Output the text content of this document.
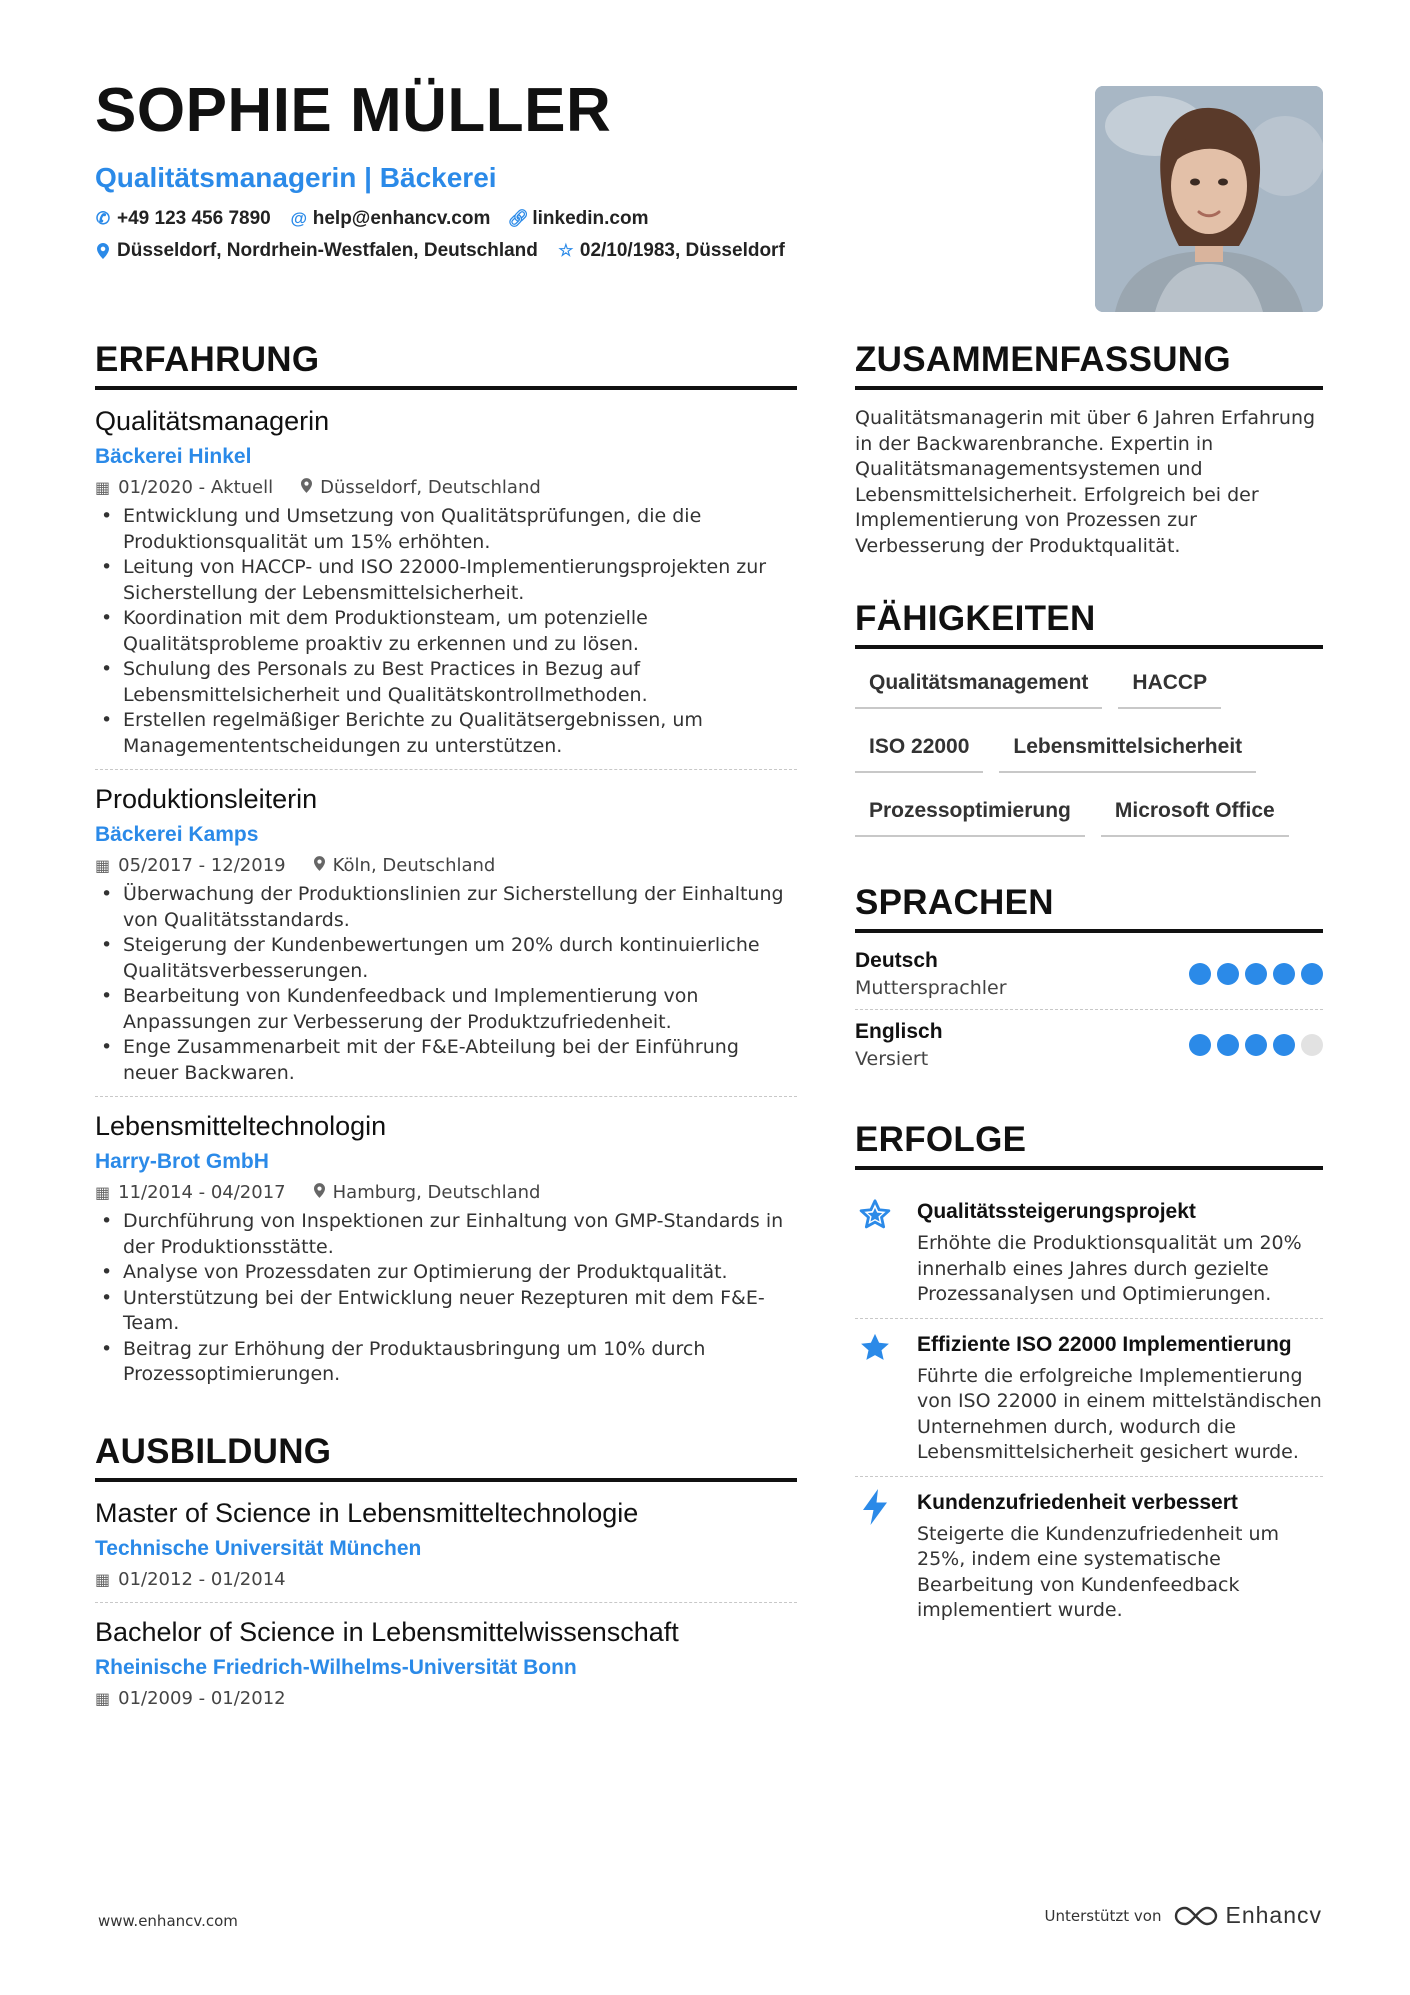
SOPHIE MÜLLER
Qualitätsmanagerin | Bäckerei
✆ +49 123 456 7890 @ help@enhancv.com 🔗︎ linkedin.com
Düsseldorf, Nordrhein-Westfalen, Deutschland ☆ 02/10/1983, Düsseldorf
ERFAHRUNG
Qualitätsmanagerin
Bäckerei Hinkel
▦ 01/2020 - Aktuell	Düsseldorf, Deutschland
• Entwicklung und Umsetzung von Qualitätsprüfungen, die die Produktionsqualität um 15% erhöhten.
• Leitung von HACCP- und ISO 22000-Implementierungsprojekten zur Sicherstellung der Lebensmittelsicherheit.
• Koordination mit dem Produktionsteam, um potenzielle Qualitätsprobleme proaktiv zu erkennen und zu lösen.
• Schulung des Personals zu Best Practices in Bezug auf Lebensmittelsicherheit und Qualitätskontrollmethoden.
• Erstellen regelmäßiger Berichte zu Qualitätsergebnissen, um Managemententscheidungen zu unterstützen.
Produktionsleiterin
Bäckerei Kamps
▦ 05/2017 - 12/2019	Köln, Deutschland
• Überwachung der Produktionslinien zur Sicherstellung der Einhaltung von Qualitätsstandards.
• Steigerung der Kundenbewertungen um 20% durch kontinuierliche Qualitätsverbesserungen.
• Bearbeitung von Kundenfeedback und Implementierung von Anpassungen zur Verbesserung der Produktzufriedenheit.
• Enge Zusammenarbeit mit der F&E-Abteilung bei der Einführung neuer Backwaren.
Lebensmitteltechnologin
Harry-Brot GmbH
▦ 11/2014 - 04/2017	Hamburg, Deutschland
• Durchführung von Inspektionen zur Einhaltung von GMP-Standards in der Produktionsstätte.
• Analyse von Prozessdaten zur Optimierung der Produktqualität.
• Unterstützung bei der Entwicklung neuer Rezepturen mit dem F&E-Team.
• Beitrag zur Erhöhung der Produktausbringung um 10% durch Prozessoptimierungen.
AUSBILDUNG
Master of Science in Lebensmitteltechnologie
Technische Universität München
▦ 01/2012 - 01/2014
Bachelor of Science in Lebensmittelwissenschaft
Rheinische Friedrich-Wilhelms-Universität Bonn
▦ 01/2009 - 01/2012
ZUSAMMENFASSUNG
Qualitätsmanagerin mit über 6 Jahren Erfahrung in der Backwarenbranche. Expertin in Qualitätsmanagementsystemen und Lebensmittelsicherheit. Erfolgreich bei der Implementierung von Prozessen zur Verbesserung der Produktqualität.
FÄHIGKEITEN
Qualitätsmanagement	HACCP
ISO 22000	Lebensmittelsicherheit
Prozessoptimierung	Microsoft Office
SPRACHEN
Deutsch
Muttersprachler
Englisch
Versiert
ERFOLGE
Qualitätssteigerungsprojekt
Erhöhte die Produktionsqualität um 20% innerhalb eines Jahres durch gezielte Prozessanalysen und Optimierungen.
Effiziente ISO 22000 Implementierung
Führte die erfolgreiche Implementierung von ISO 22000 in einem mittelständischen Unternehmen durch, wodurch die Lebensmittelsicherheit gesichert wurde.
Kundenzufriedenheit verbessert
Steigerte die Kundenzufriedenheit um 25%, indem eine systematische Bearbeitung von Kundenfeedback implementiert wurde.
www.enhancv.com	Unterstützt von	Enhancv
